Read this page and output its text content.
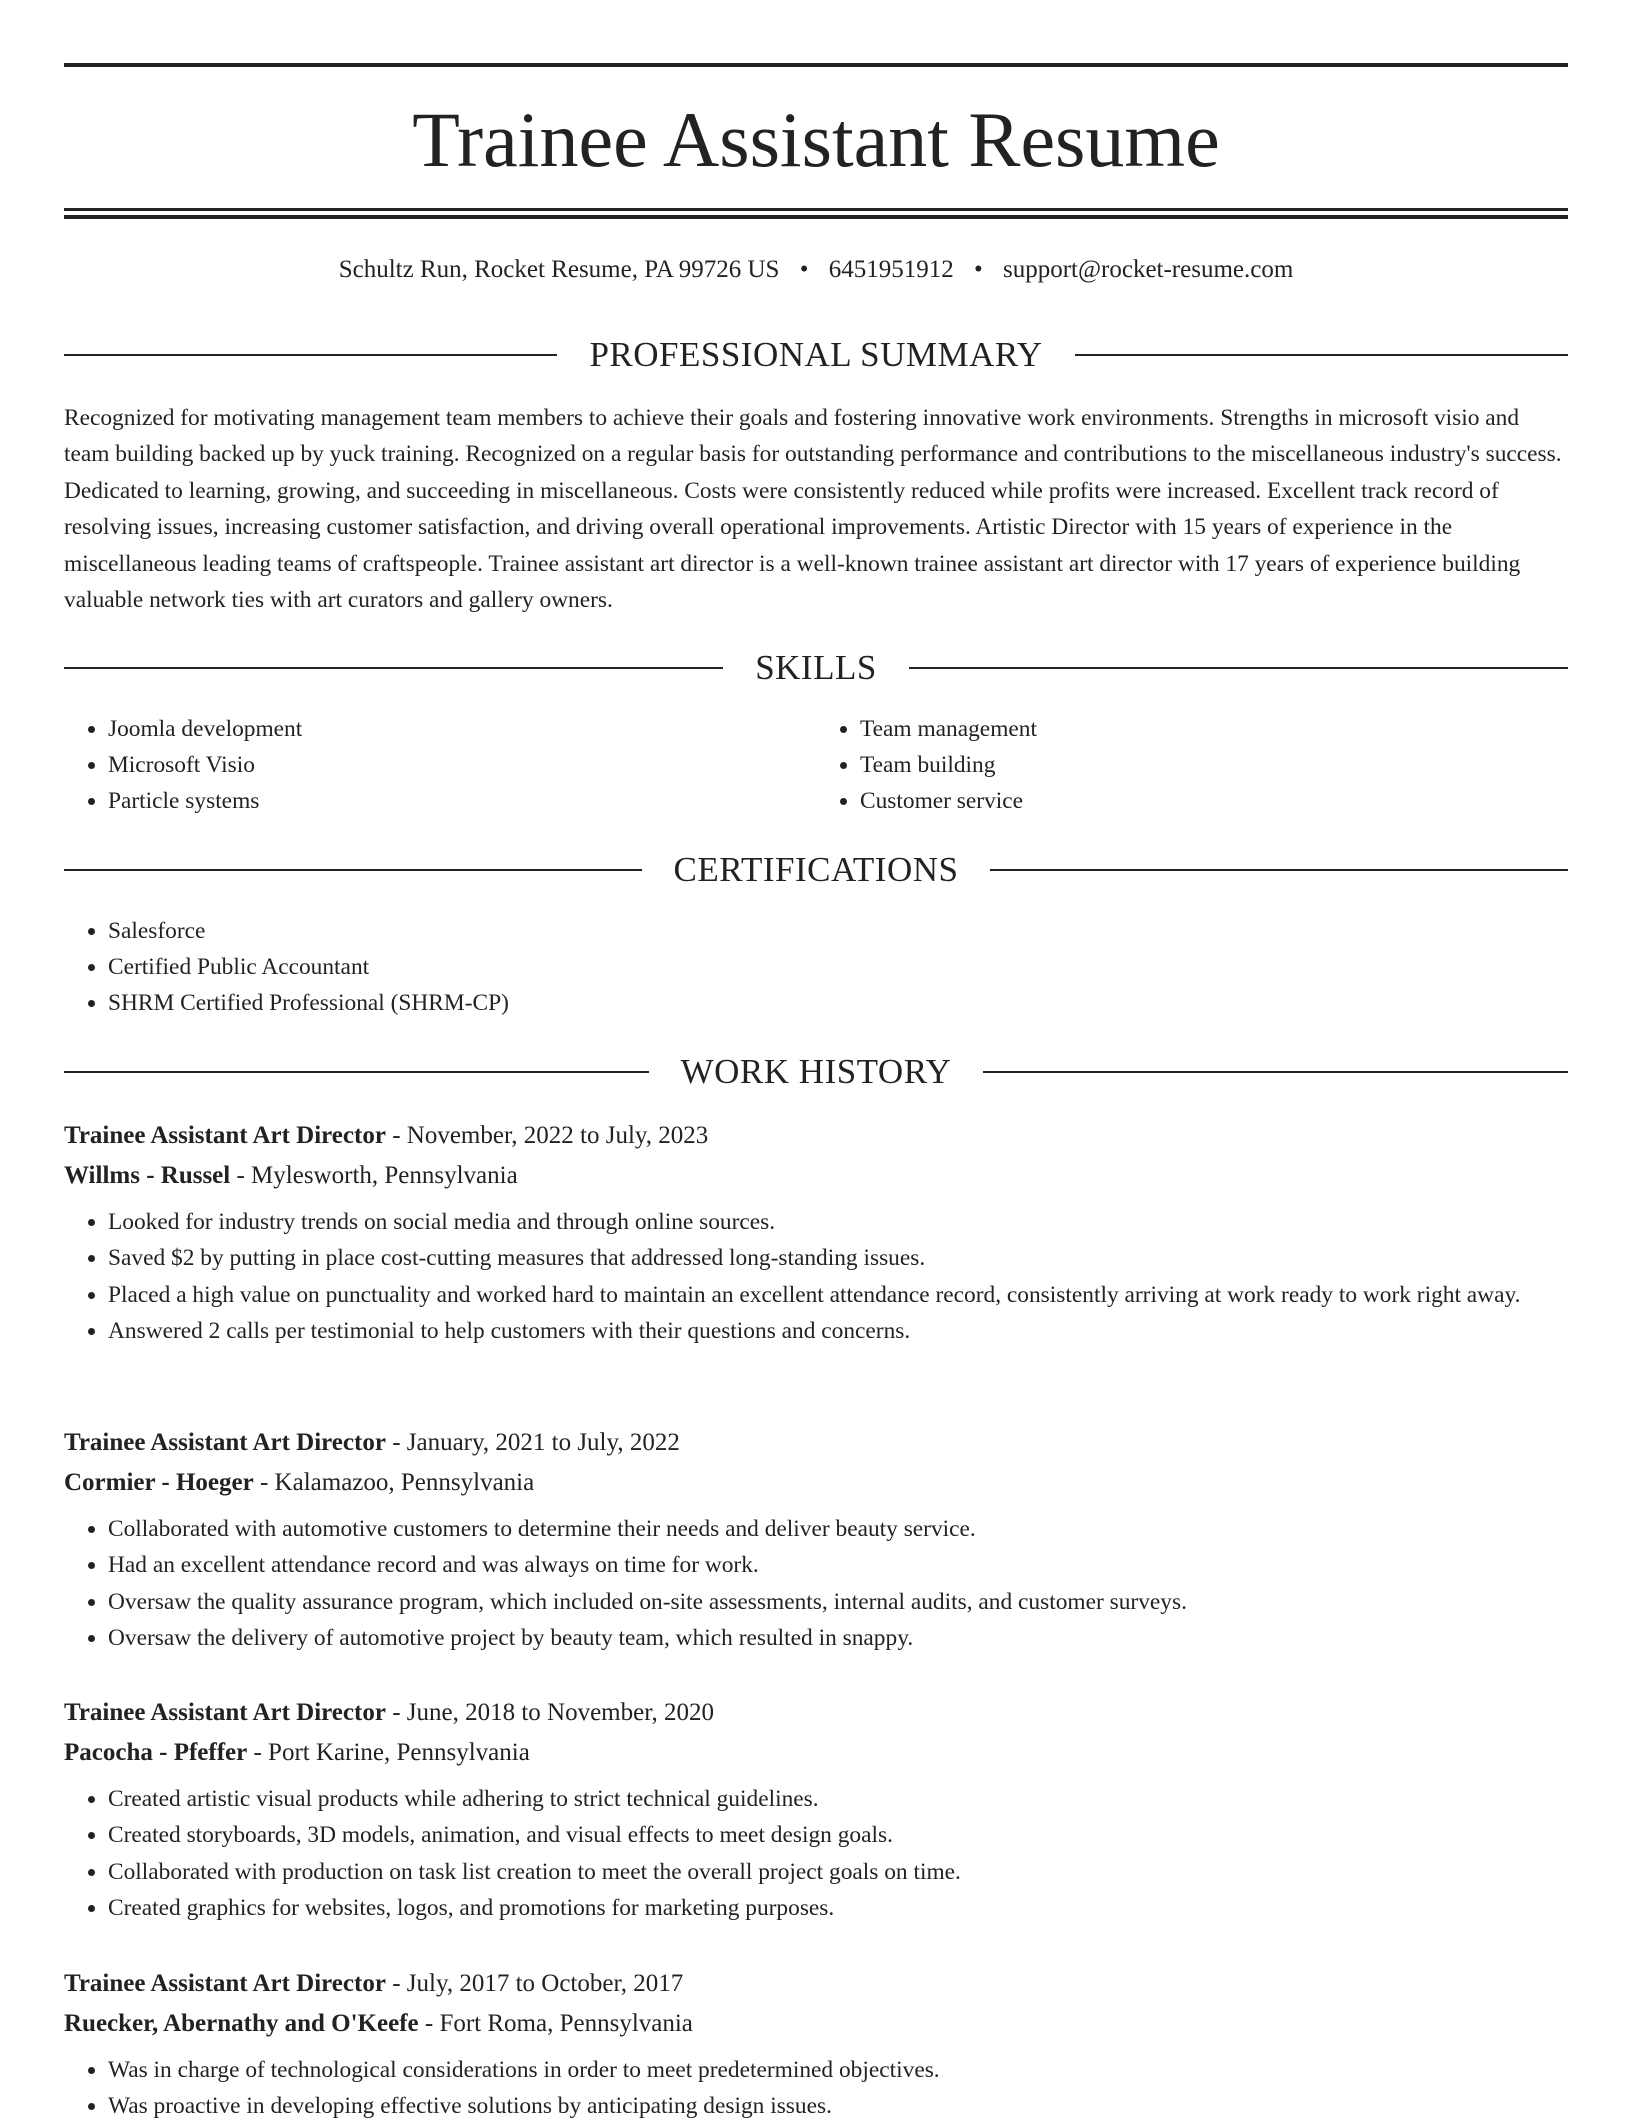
Trainee Assistant Resume
Schultz Run, Rocket Resume, PA 99726 US • 6451951912 • support@rocket-resume.com
PROFESSIONAL SUMMARY
Recognized for motivating management team members to achieve their goals and fostering innovative work environments. Strengths in microsoft visio and team building backed up by yuck training. Recognized on a regular basis for outstanding performance and contributions to the miscellaneous industry's success. Dedicated to learning, growing, and succeeding in miscellaneous. Costs were consistently reduced while profits were increased. Excellent track record of resolving issues, increasing customer satisfaction, and driving overall operational improvements. Artistic Director with 15 years of experience in the miscellaneous leading teams of craftspeople. Trainee assistant art director is a well-known trainee assistant art director with 17 years of experience building valuable network ties with art curators and gallery owners.
SKILLS
• Joomla development
• Microsoft Visio
• Particle systems
• Team management
• Team building
• Customer service
CERTIFICATIONS
• Salesforce
• Certified Public Accountant
• SHRM Certified Professional (SHRM-CP)
WORK HISTORY
Trainee Assistant Art Director - November, 2022 to July, 2023
Willms - Russel - Mylesworth, Pennsylvania
• Looked for industry trends on social media and through online sources.
• Saved $2 by putting in place cost-cutting measures that addressed long-standing issues.
• Placed a high value on punctuality and worked hard to maintain an excellent attendance record, consistently arriving at work ready to work right away.
• Answered 2 calls per testimonial to help customers with their questions and concerns.
Trainee Assistant Art Director - January, 2021 to July, 2022
Cormier - Hoeger - Kalamazoo, Pennsylvania
• Collaborated with automotive customers to determine their needs and deliver beauty service.
• Had an excellent attendance record and was always on time for work.
• Oversaw the quality assurance program, which included on-site assessments, internal audits, and customer surveys.
• Oversaw the delivery of automotive project by beauty team, which resulted in snappy.
Trainee Assistant Art Director - June, 2018 to November, 2020
Pacocha - Pfeffer - Port Karine, Pennsylvania
• Created artistic visual products while adhering to strict technical guidelines.
• Created storyboards, 3D models, animation, and visual effects to meet design goals.
• Collaborated with production on task list creation to meet the overall project goals on time.
• Created graphics for websites, logos, and promotions for marketing purposes.
Trainee Assistant Art Director - July, 2017 to October, 2017
Ruecker, Abernathy and O'Keefe - Fort Roma, Pennsylvania
• Was in charge of technological considerations in order to meet predetermined objectives.
• Was proactive in developing effective solutions by anticipating design issues.
